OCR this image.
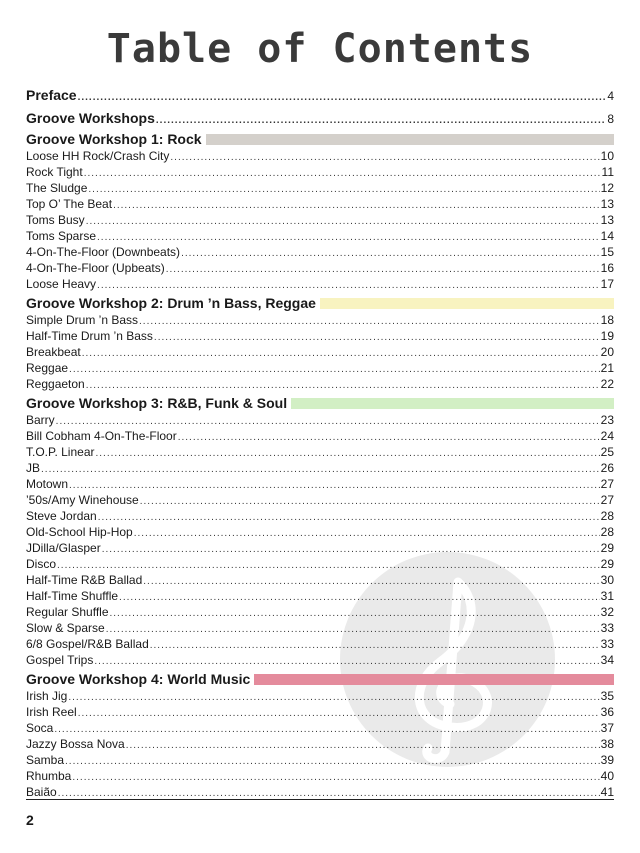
Table of Contents
Preface .....	4
Groove Workshops .....	8
Groove Workshop 1: Rock
Loose HH Rock/Crash City .....	10
Rock Tight .....	11
The Sludge .....	12
Top O’ The Beat .....	13
Toms Busy .....	13
Toms Sparse .....	14
4-On-The-Floor (Downbeats) .....	15
4-On-The-Floor (Upbeats) .....	16
Loose Heavy .....	17
Groove Workshop 2: Drum ’n Bass, Reggae
Simple Drum ’n Bass .....	18
Half-Time Drum ’n Bass .....	19
Breakbeat .....	20
Reggae .....	21
Reggaeton .....	22
Groove Workshop 3: R&B, Funk & Soul
Barry .....	23
Bill Cobham 4-On-The-Floor .....	24
T.O.P. Linear .....	25
JB .....	26
Motown .....	27
’50s/Amy Winehouse .....	27
Steve Jordan .....	28
Old-School Hip-Hop .....	28
JDilla/Glasper .....	29
Disco .....	29
Half-Time R&B Ballad .....	30
Half-Time Shuffle .....	31
Regular Shuffle .....	32
Slow & Sparse .....	33
6/8 Gospel/R&B Ballad .....	33
Gospel Trips .....	34
Groove Workshop 4: World Music
Irish Jig .....	35
Irish Reel .....	36
Soca .....	37
Jazzy Bossa Nova .....	38
Samba .....	39
Rhumba .....	40
Baião .....	41
2
